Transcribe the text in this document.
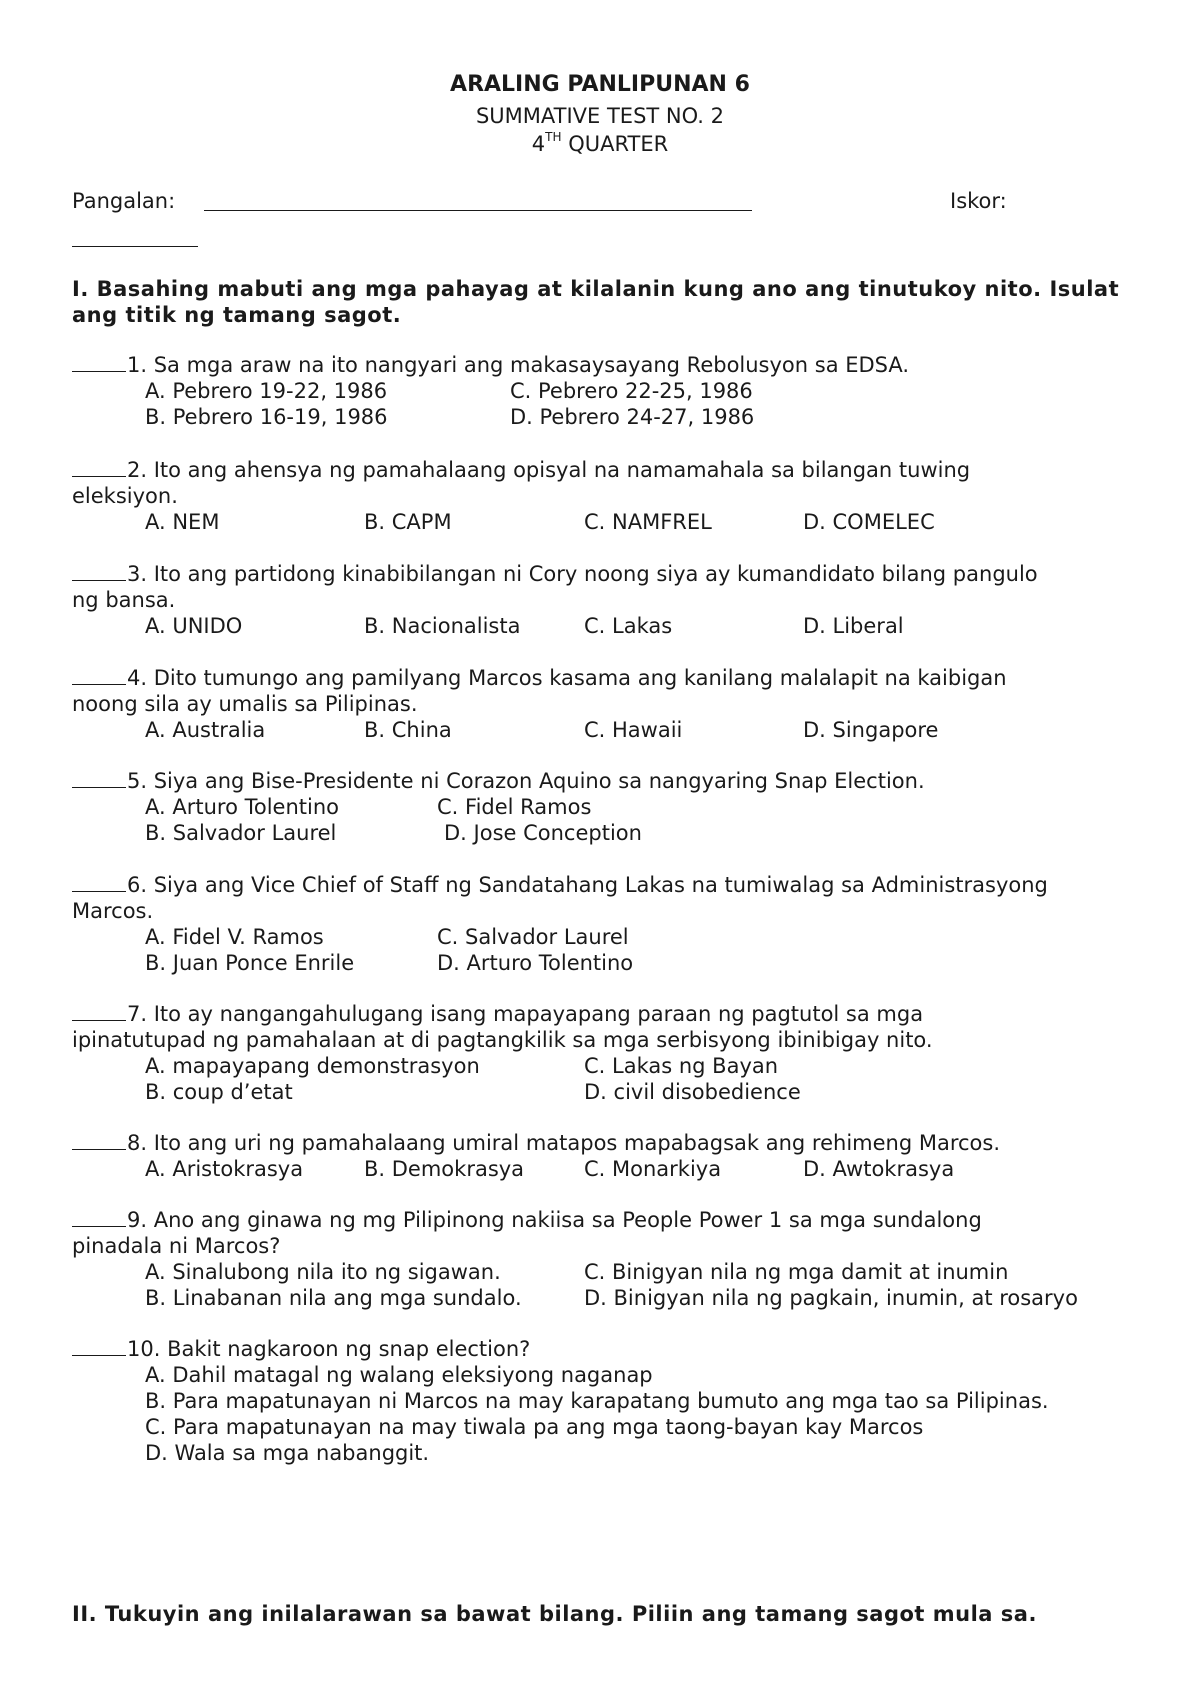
ARALING PANLIPUNAN 6
SUMMATIVE TEST NO. 2
4TH QUARTER
Pangalan:	Iskor:
I. Basahing mabuti ang mga pahayag at kilalanin kung ano ang tinutukoy nito. Isulat ang titik ng tamang sagot.
1. Sa mga araw na ito nangyari ang makasaysayang Rebolusyon sa EDSA.
A. Pebrero 19-22, 1986	C. Pebrero 22-25, 1986
B. Pebrero 16-19, 1986	D. Pebrero 24-27, 1986
2. Ito ang ahensya ng pamahalaang opisyal na namamahala sa bilangan tuwing
eleksiyon.
A. NEM	B. CAPM	C. NAMFREL	D. COMELEC
3. Ito ang partidong kinabibilangan ni Cory noong siya ay kumandidato bilang pangulo
ng bansa.
A. UNIDO	B. Nacionalista	C. Lakas	D. Liberal
4. Dito tumungo ang pamilyang Marcos kasama ang kanilang malalapit na kaibigan
noong sila ay umalis sa Pilipinas.
A. Australia	B. China	C. Hawaii	D. Singapore
5. Siya ang Bise-Presidente ni Corazon Aquino sa nangyaring Snap Election.
A. Arturo Tolentino	C. Fidel Ramos
B. Salvador Laurel	D. Jose Conception
6. Siya ang Vice Chief of Staff ng Sandatahang Lakas na tumiwalag sa Administrasyong
Marcos.
A. Fidel V. Ramos	C. Salvador Laurel
B. Juan Ponce Enrile	D. Arturo Tolentino
7. Ito ay nangangahulugang isang mapayapang paraan ng pagtutol sa mga
ipinatutupad ng pamahalaan at di pagtangkilik sa mga serbisyong ibinibigay nito.
A. mapayapang demonstrasyon	C. Lakas ng Bayan
B. coup d’etat	D. civil disobedience
8. Ito ang uri ng pamahalaang umiral matapos mapabagsak ang rehimeng Marcos.
A. Aristokrasya	B. Demokrasya	C. Monarkiya	D. Awtokrasya
9. Ano ang ginawa ng mg Pilipinong nakiisa sa People Power 1 sa mga sundalong
pinadala ni Marcos?
A. Sinalubong nila ito ng sigawan.	C. Binigyan nila ng mga damit at inumin
B. Linabanan nila ang mga sundalo.	D. Binigyan nila ng pagkain, inumin, at rosaryo
10. Bakit nagkaroon ng snap election?
A. Dahil matagal ng walang eleksiyong naganap
B. Para mapatunayan ni Marcos na may karapatang bumuto ang mga tao sa Pilipinas.
C. Para mapatunayan na may tiwala pa ang mga taong-bayan kay Marcos
D. Wala sa mga nabanggit.
II. Tukuyin ang inilalarawan sa bawat bilang. Piliin ang tamang sagot mula sa.
